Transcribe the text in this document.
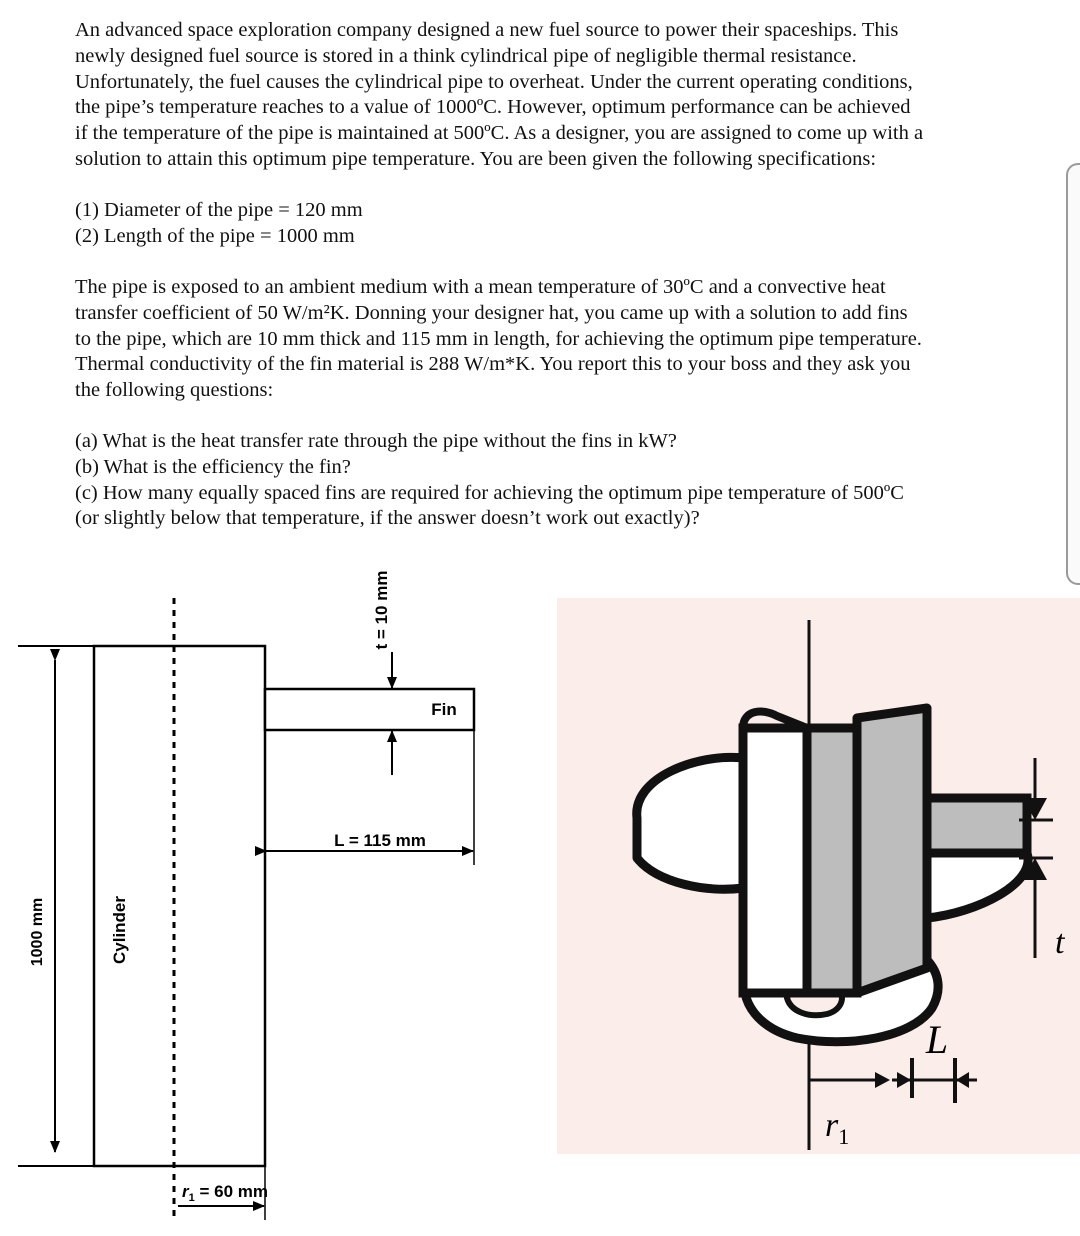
An advanced space exploration company designed a new fuel source to power their spaceships. This
newly designed fuel source is stored in a think cylindrical pipe of negligible thermal resistance.
Unfortunately, the fuel causes the cylindrical pipe to overheat. Under the current operating conditions,
the pipe’s temperature reaches to a value of 1000ºC. However, optimum performance can be achieved
if the temperature of the pipe is maintained at 500ºC. As a designer, you are assigned to come up with a
solution to attain this optimum pipe temperature. You are been given the following specifications:
(1) Diameter of the pipe = 120 mm
(2) Length of the pipe = 1000 mm
The pipe is exposed to an ambient medium with a mean temperature of 30ºC and a convective heat
transfer coefficient of 50 W/m²K. Donning your designer hat, you came up with a solution to add fins
to the pipe, which are 10 mm thick and 115 mm in length, for achieving the optimum pipe temperature.
Thermal conductivity of the fin material is 288 W/m*K. You report this to your boss and they ask you
the following questions:
(a) What is the heat transfer rate through the pipe without the fins in kW?
(b) What is the efficiency the fin?
(c) How many equally spaced fins are required for achieving the optimum pipe temperature of 500ºC
(or slightly below that temperature, if the answer doesn’t work out exactly)?
1000 mm	Cylinder
Fin
t = 10 mm
L = 115 mm
$r_1 = 60$ mm
$r_1$
L
t
